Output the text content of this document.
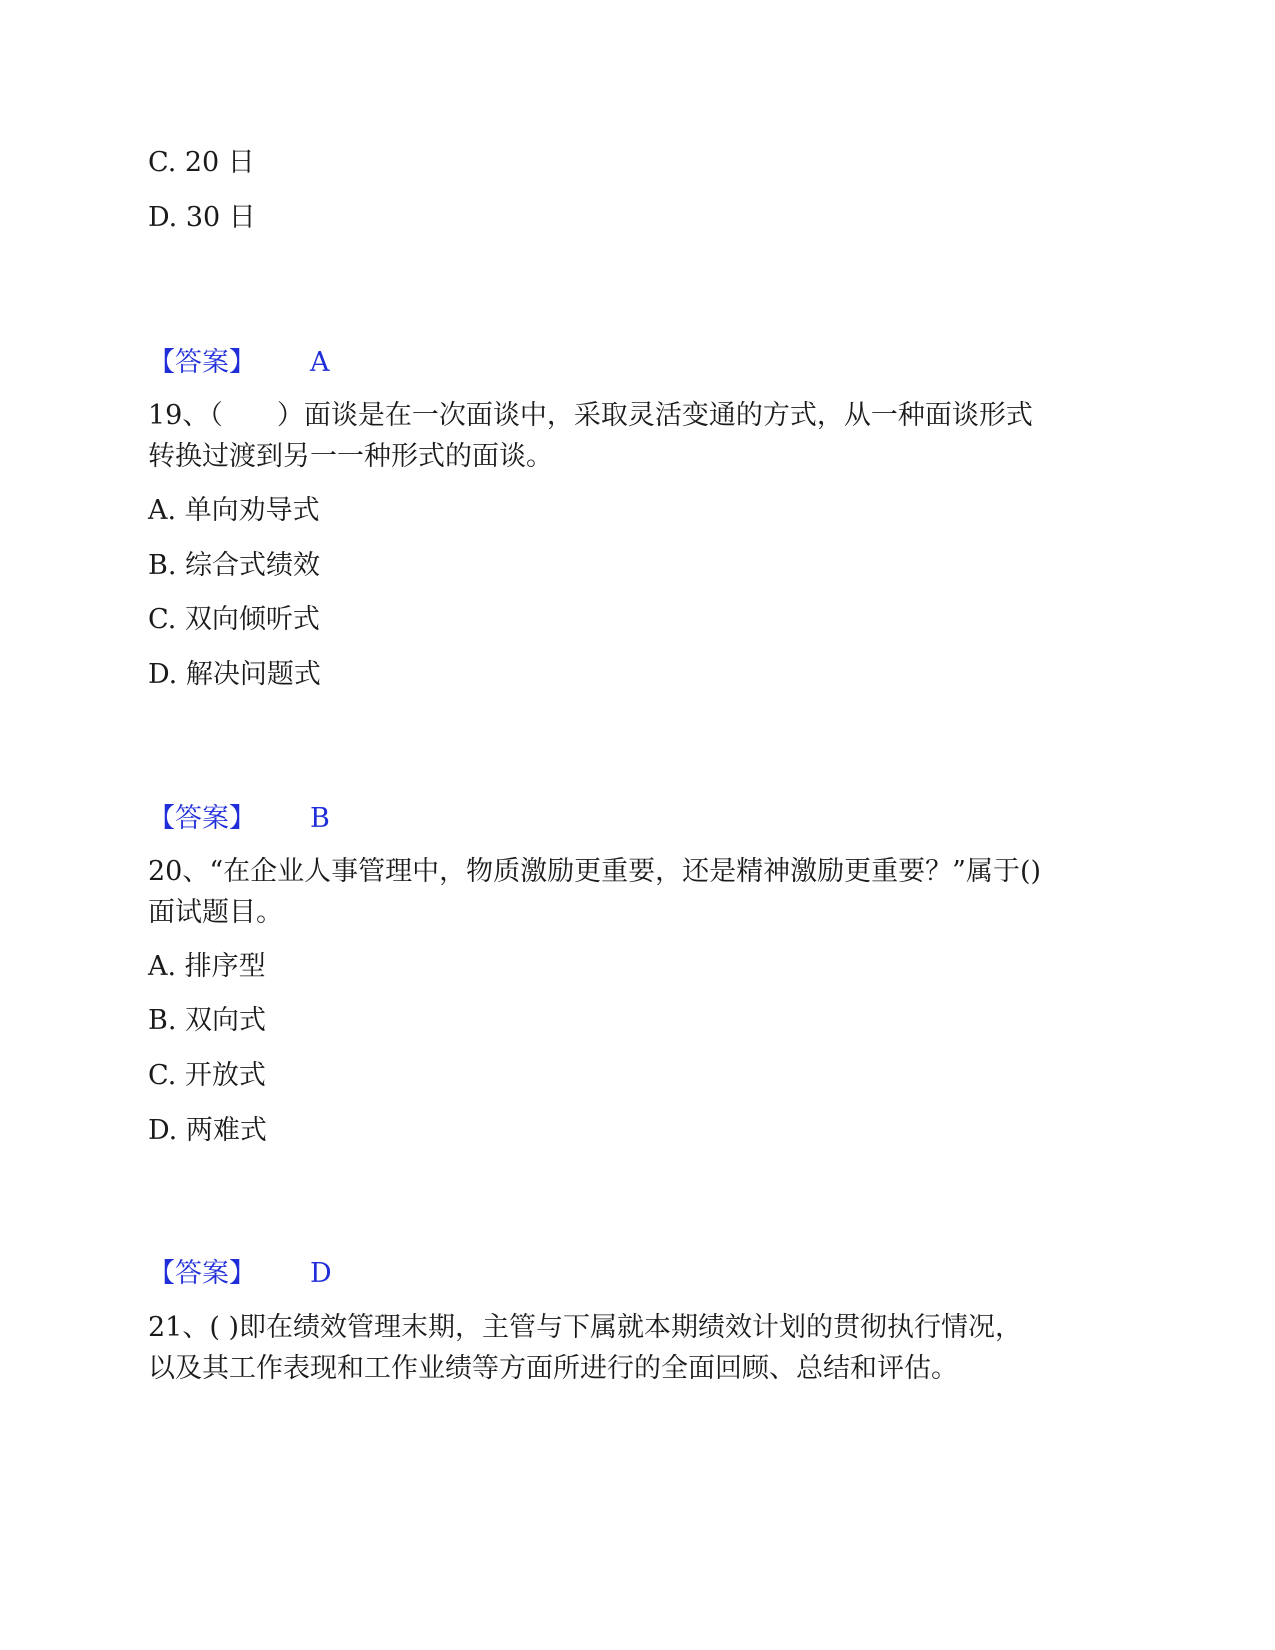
C. 20 日
D. 30 日
【答案】 A
19、（　　）面谈是在一次面谈中，采取灵活变通的方式，从一种面谈形式
转换过渡到另一一种形式的面谈。
A. 单向劝导式
B. 综合式绩效
C. 双向倾听式
D. 解决问题式
【答案】 B
20、“在企业人事管理中，物质激励更重要，还是精神激励更重要？”属于()
面试题目。
A. 排序型
B. 双向式
C. 开放式
D. 两难式
【答案】 D
21、( )即在绩效管理末期，主管与下属就本期绩效计划的贯彻执行情况，
以及其工作表现和工作业绩等方面所进行的全面回顾、总结和评估。
